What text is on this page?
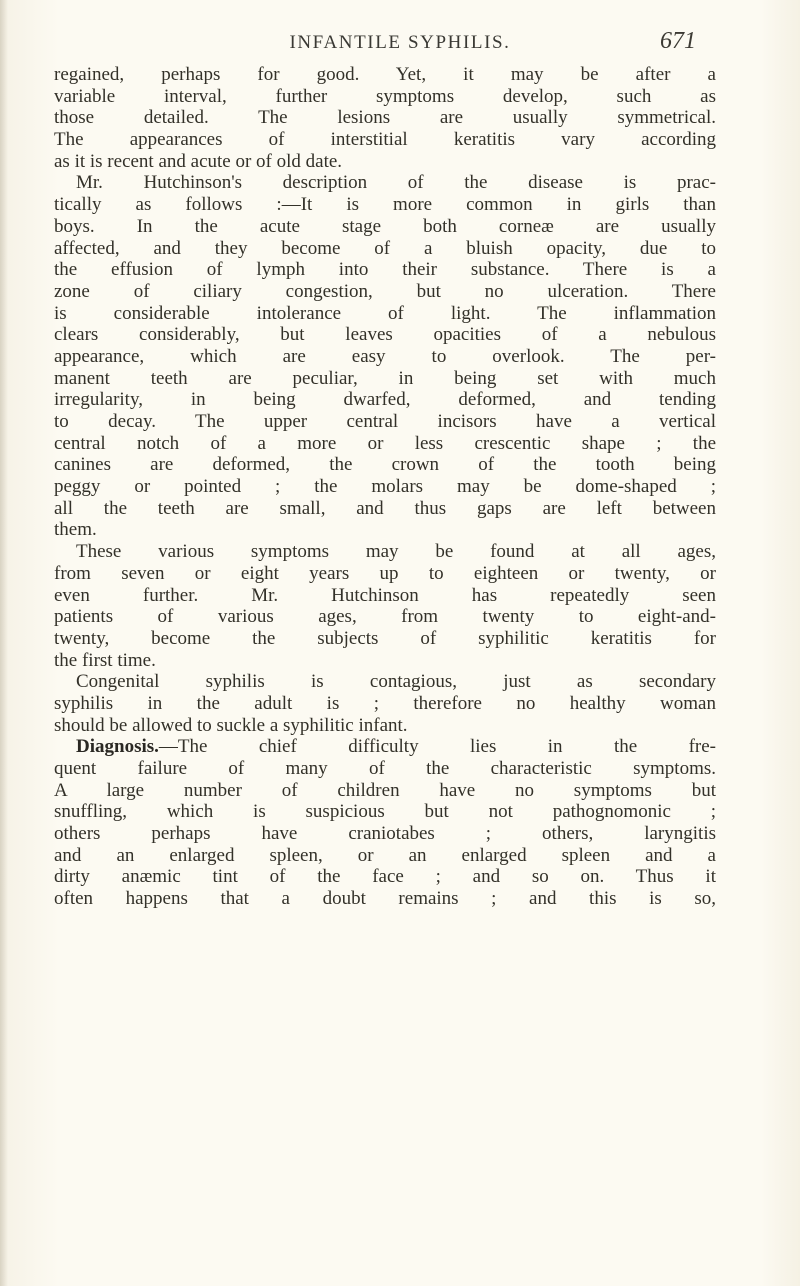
INFANTILE SYPHILIS.	671
regained, perhaps for good. Yet, it may be after a
variable interval, further symptoms develop, such as
those detailed. The lesions are usually symmetrical.
The appearances of interstitial keratitis vary according
as it is recent and acute or of old date.
Mr. Hutchinson's description of the disease is prac-
tically as follows :—It is more common in girls than
boys. In the acute stage both corneæ are usually
affected, and they become of a bluish opacity, due to
the effusion of lymph into their substance. There is a
zone of ciliary congestion, but no ulceration. There
is considerable intolerance of light. The inflammation
clears considerably, but leaves opacities of a nebulous
appearance, which are easy to overlook. The per-
manent teeth are peculiar, in being set with much
irregularity, in being dwarfed, deformed, and tending
to decay. The upper central incisors have a vertical
central notch of a more or less crescentic shape ; the
canines are deformed, the crown of the tooth being
peggy or pointed ; the molars may be dome-shaped ;
all the teeth are small, and thus gaps are left between
them.
These various symptoms may be found at all ages,
from seven or eight years up to eighteen or twenty, or
even further. Mr. Hutchinson has repeatedly seen
patients of various ages, from twenty to eight-and-
twenty, become the subjects of syphilitic keratitis for
the first time.
Congenital syphilis is contagious, just as secondary
syphilis in the adult is ; therefore no healthy woman
should be allowed to suckle a syphilitic infant.
Diagnosis.—The chief difficulty lies in the fre-
quent failure of many of the characteristic symptoms.
A large number of children have no symptoms but
snuffling, which is suspicious but not pathognomonic ;
others perhaps have craniotabes ; others, laryngitis
and an enlarged spleen, or an enlarged spleen and a
dirty anæmic tint of the face ; and so on. Thus it
often happens that a doubt remains ; and this is so,
